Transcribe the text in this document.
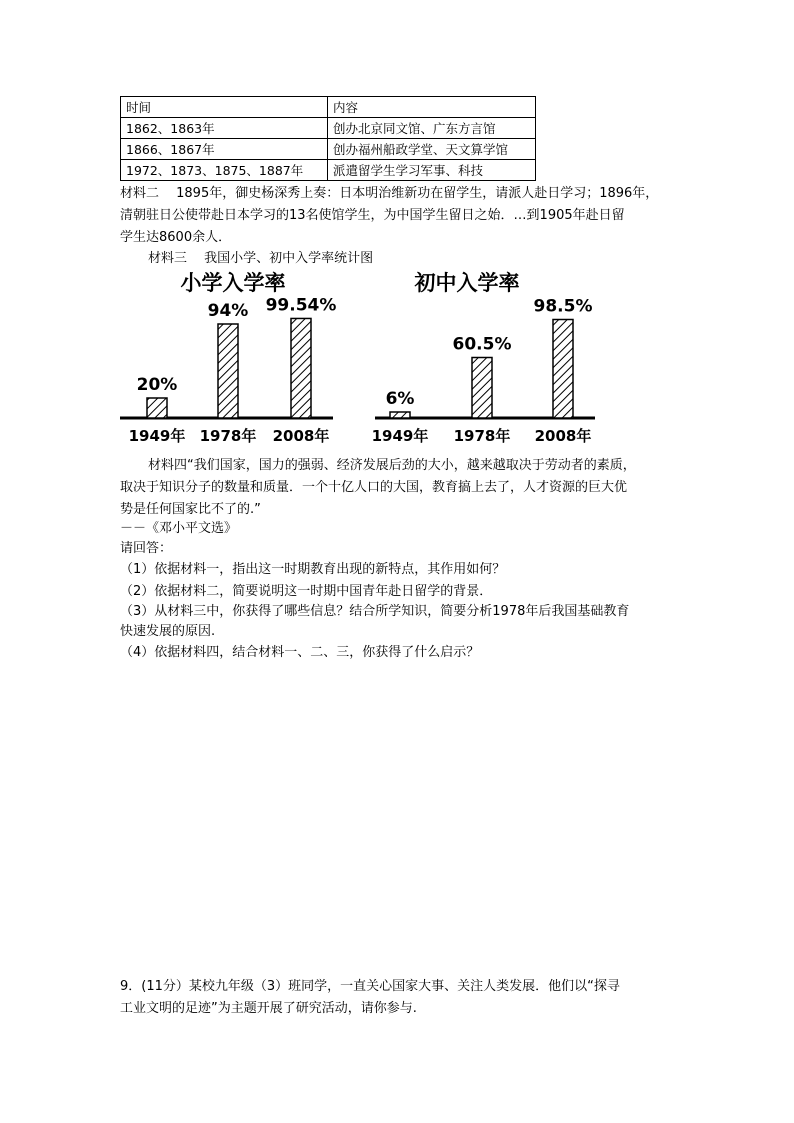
时间	内容
1862、1863年	创办北京同文馆、广东方言馆
1866、1867年	创办福州船政学堂、天文算学馆
1972、1873、1875、1887年	派遣留学生学习军事、科技
材料二　 1895年，御史杨深秀上奏：日本明治维新功在留学生，请派人赴日学习；1896年，
清朝驻日公使带赴日本学习的13名使馆学生，为中国学生留日之始．…到1905年赴日留
学生达8600余人．
材料三　 我国小学、初中入学率统计图
小学入学率
20%
1949年
94%
1978年
99.54%
2008年
初中入学率
6%
1949年
60.5%
1978年
98.5%
2008年
材料四“我们国家，国力的强弱、经济发展后劲的大小，越来越取决于劳动者的素质，
取决于知识分子的数量和质量．一个十亿人口的大国，教育搞上去了，人才资源的巨大优
势是任何国家比不了的.”
－－《邓小平文选》
请回答：
（1）依据材料一，指出这一时期教育出现的新特点，其作用如何？
（2）依据材料二，简要说明这一时期中国青年赴日留学的背景．
（3）从材料三中，你获得了哪些信息？结合所学知识，简要分析1978年后我国基础教育
快速发展的原因.
（4）依据材料四，结合材料一、二、三，你获得了什么启示？
9．(11分）某校九年级（3）班同学，一直关心国家大事、关注人类发展．他们以“探寻
工业文明的足迹”为主题开展了研究活动，请你参与.
